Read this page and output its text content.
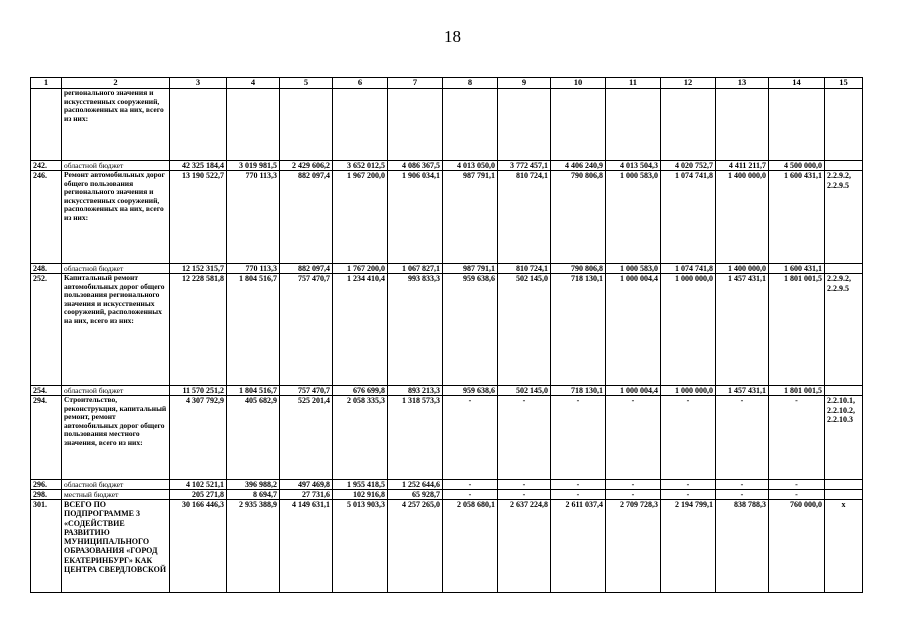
18
1	2	3	4	5	6	7	8	9	10	11	12	13	14	15
	регионального значения и искусственных сооружений, расположенных на них, всего из них:													
242.	областной бюджет	42 325 184,4	3 019 981,5	2 429 606,2	3 652 012,5	4 086 367,5	4 013 050,0	3 772 457,1	4 406 240,9	4 013 504,3	4 020 752,7	4 411 211,7	4 500 000,0	
246.	Ремонт автомобильных дорог общего пользования регионального значения и искусственных сооружений, расположенных на них, всего из них:	13 190 522,7	770 113,3	882 097,4	1 967 200,0	1 906 034,1	987 791,1	810 724,1	790 806,8	1 000 583,0	1 074 741,8	1 400 000,0	1 600 431,1	2.2.9.2, 2.2.9.5
248.	областной бюджет	12 152 315,7	770 113,3	882 097,4	1 767 200,0	1 067 827,1	987 791,1	810 724,1	790 806,8	1 000 583,0	1 074 741,8	1 400 000,0	1 600 431,1	
252.	Капитальный ремонт автомобильных дорог общего пользования регионального значения и искусственных сооружений, расположенных на них, всего из них:	12 228 581,8	1 804 516,7	757 470,7	1 234 410,4	993 833,3	959 638,6	502 145,0	718 130,1	1 000 004,4	1 000 000,0	1 457 431,1	1 801 001,5	2.2.9.2, 2.2.9.5
254.	областной бюджет	11 570 251,2	1 804 516,7	757 470,7	676 699,8	893 213,3	959 638,6	502 145,0	718 130,1	1 000 004,4	1 000 000,0	1 457 431,1	1 801 001,5	
294.	Строительство, реконструкция, капитальный ремонт, ремонт автомобильных дорог общего пользования местного значения, всего из них:	4 307 792,9	405 682,9	525 201,4	2 058 335,3	1 318 573,3	-	-	-	-	-	-	-	2.2.10.1, 2.2.10.2, 2.2.10.3
296.	областной бюджет	4 102 521,1	396 988,2	497 469,8	1 955 418,5	1 252 644,6	-	-	-	-	-	-	-	
298.	местный бюджет	205 271,8	8 694,7	27 731,6	102 916,8	65 928,7	-	-	-	-	-	-	-	
301.	ВСЕГО ПО ПОДПРОГРАММЕ 3 «СОДЕЙСТВИЕ РАЗВИТИЮ МУНИЦИПАЛЬНОГО ОБРАЗОВАНИЯ «ГОРОД ЕКАТЕРИНБУРГ» КАК ЦЕНТРА СВЕРДЛОВСКОЙ	30 166 446,3	2 935 388,9	4 149 631,1	5 013 903,3	4 257 265,0	2 058 680,1	2 637 224,8	2 611 037,4	2 709 728,3	2 194 799,1	838 788,3	760 000,0	x
